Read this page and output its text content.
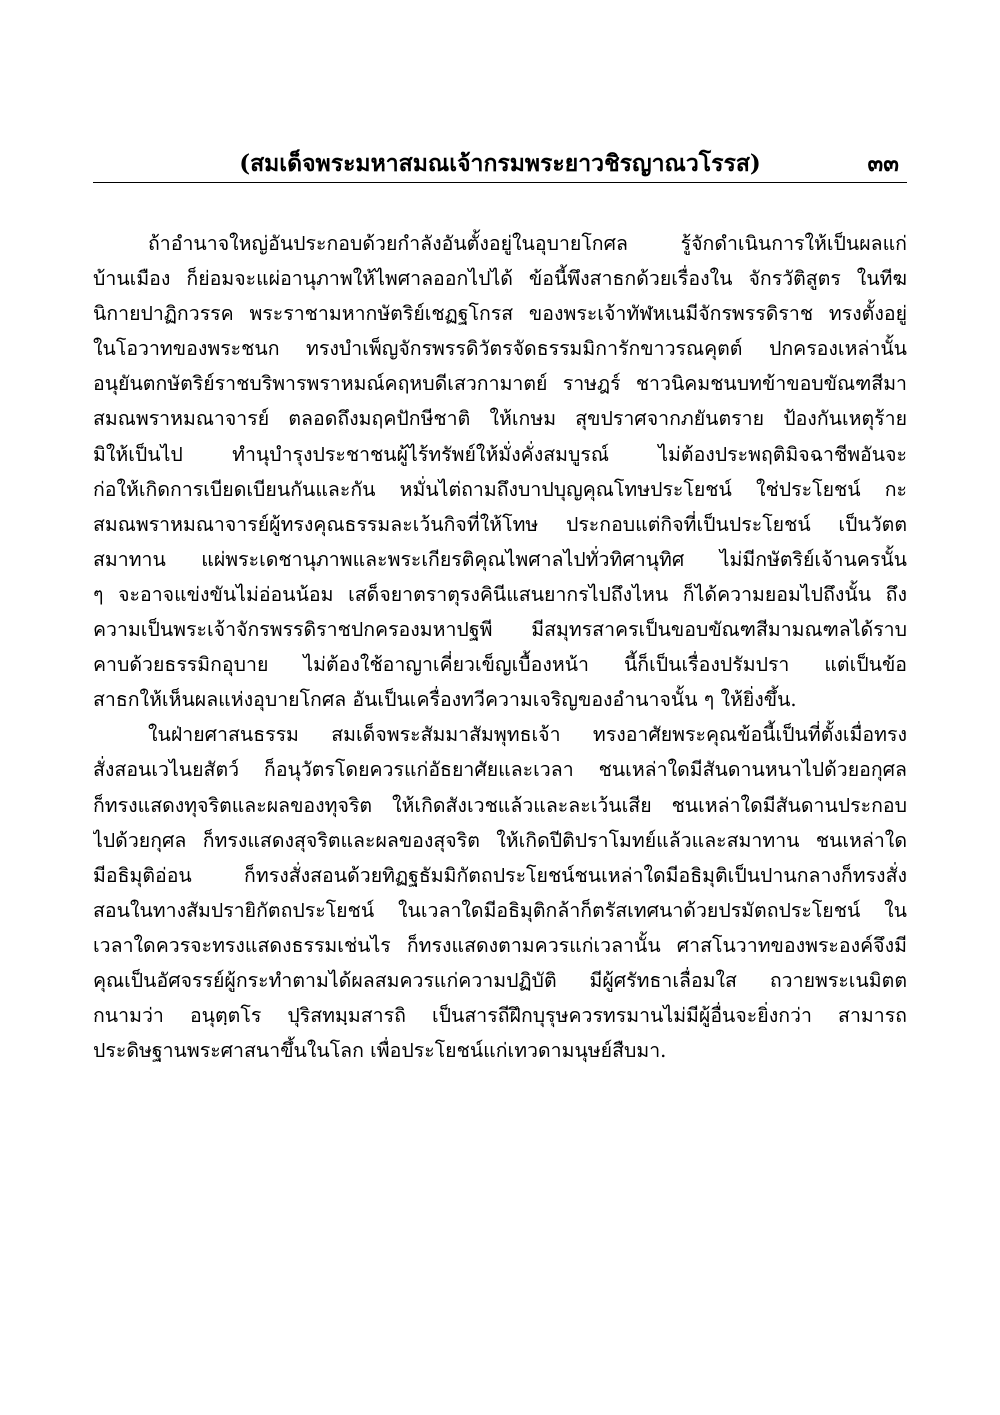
(สมเด็จพระมหาสมณเจ้ากรมพระยาวชิรญาณวโรรส)	๓๓
ถ้าอำนาจใหญ่อันประกอบด้วยกำลังอันตั้งอยู่ในอุบายโกศล รู้จักดำเนินการให้เป็นผลแก่
บ้านเมือง ก็ย่อมจะแผ่อานุภาพให้ไพศาลออกไปได้ ข้อนี้พึงสาธกด้วยเรื่องใน จักรวัติสูตร ในทีฆ
นิกายปาฏิกวรรค พระราชามหากษัตริย์เชฏฐโกรส ของพระเจ้าทัฬหเนมีจักรพรรดิราช ทรงตั้งอยู่
ในโอวาทของพระชนก ทรงบำเพ็ญจักรพรรดิวัตรจัดธรรมมิการักขาวรณคุตต์ ปกครองเหล่านั้น
อนุยันตกษัตริย์ราชบริพารพราหมณ์คฤหบดีเสวกามาตย์ ราษฎร์ ชาวนิคมชนบทข้าขอบขัณฑสีมา
สมณพราหมณาจารย์ ตลอดถึงมฤคปักษีชาติ ให้เกษม สุขปราศจากภยันตราย ป้องกันเหตุร้าย
มิให้เป็นไป ทำนุบำรุงประชาชนผู้ไร้ทรัพย์ให้มั่งคั่งสมบูรณ์ ไม่ต้องประพฤติมิจฉาชีพอันจะ
ก่อให้เกิดการเบียดเบียนกันและกัน หมั่นไต่ถามถึงบาปบุญคุณโทษประโยชน์ ใช่ประโยชน์ กะ
สมณพราหมณาจารย์ผู้ทรงคุณธรรมละเว้นกิจที่ให้โทษ ประกอบแต่กิจที่เป็นประโยชน์ เป็นวัตต
สมาทาน แผ่พระเดชานุภาพและพระเกียรติคุณไพศาลไปทั่วทิศานุทิศ ไม่มีกษัตริย์เจ้านครนั้น
ๆ จะอาจแข่งขันไม่อ่อนน้อม เสด็จยาตราตุรงคินีแสนยากรไปถึงไหน ก็ได้ความยอมไปถึงนั้น ถึง
ความเป็นพระเจ้าจักรพรรดิราชปกครองมหาปฐพี มีสมุทรสาครเป็นขอบขัณฑสีมามณฑลได้ราบ
คาบด้วยธรรมิกอุบาย ไม่ต้องใช้อาญาเคี่ยวเข็ญเบื้องหน้า นี้ก็เป็นเรื่องปรัมปรา แต่เป็นข้อ
สาธกให้เห็นผลแห่งอุบายโกศล อันเป็นเครื่องทวีความเจริญของอำนาจนั้น ๆ ให้ยิ่งขึ้น.
ในฝ่ายศาสนธรรม สมเด็จพระสัมมาสัมพุทธเจ้า ทรงอาศัยพระคุณข้อนี้เป็นที่ตั้งเมื่อทรง
สั่งสอนเวไนยสัตว์ ก็อนุวัตรโดยควรแก่อัธยาศัยและเวลา ชนเหล่าใดมีสันดานหนาไปด้วยอกุศล
ก็ทรงแสดงทุจริตและผลของทุจริต ให้เกิดสังเวชแล้วและละเว้นเสีย ชนเหล่าใดมีสันดานประกอบ
ไปด้วยกุศล ก็ทรงแสดงสุจริตและผลของสุจริต ให้เกิดปีติปราโมทย์แล้วและสมาทาน ชนเหล่าใด
มีอธิมุติอ่อน ก็ทรงสั่งสอนด้วยทิฏฐธัมมิกัตถประโยชน์ชนเหล่าใดมีอธิมุติเป็นปานกลางก็ทรงสั่ง
สอนในทางสัมปรายิกัตถประโยชน์ ในเวลาใดมีอธิมุติกล้าก็ตรัสเทศนาด้วยปรมัตถประโยชน์ ใน
เวลาใดควรจะทรงแสดงธรรมเช่นไร ก็ทรงแสดงตามควรแก่เวลานั้น ศาสโนวาทของพระองค์จึงมี
คุณเป็นอัศจรรย์ผู้กระทำตามได้ผลสมควรแก่ความปฏิบัติ มีผู้ศรัทธาเลื่อมใส ถวายพระเนมิตต
กนามว่า อนุตฺตโร ปุริสทมฺมสารถิ เป็นสารถีฝึกบุรุษควรทรมานไม่มีผู้อื่นจะยิ่งกว่า สามารถ
ประดิษฐานพระศาสนาขึ้นในโลก เพื่อประโยชน์แก่เทวดามนุษย์สืบมา.
